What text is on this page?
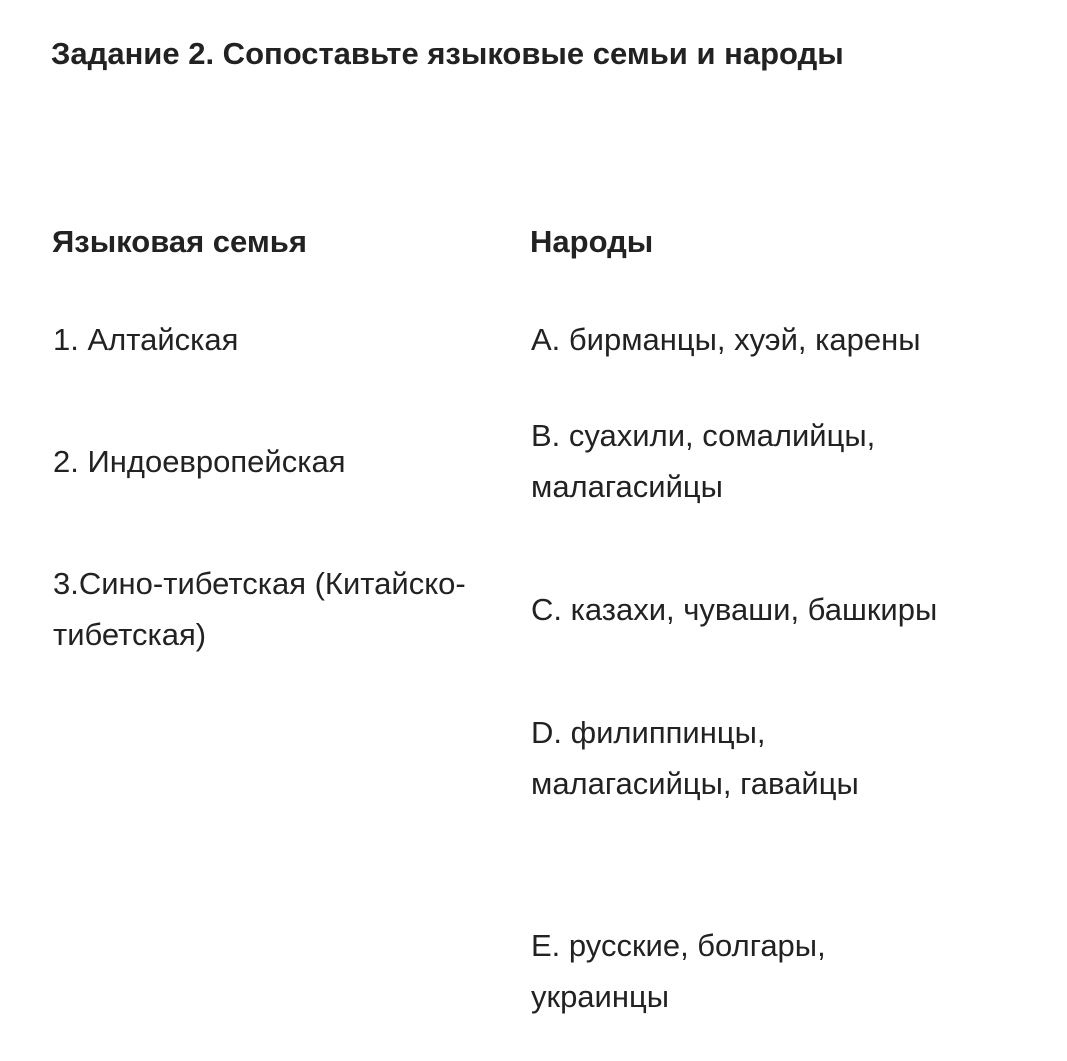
Задание 2. Сопоставьте языковые семьи и народы
Языковая семья	Народы
1. Алтайская
2. Индоевропейская
3.Сино-тибетская (Китайско-тибетская)
А. бирманцы, хуэй, карены
В. суахили, сомалийцы, малагасийцы
С. казахи, чуваши, башкиры
D. филиппинцы, малагасийцы, гавайцы
Е. русские, болгары, украинцы
